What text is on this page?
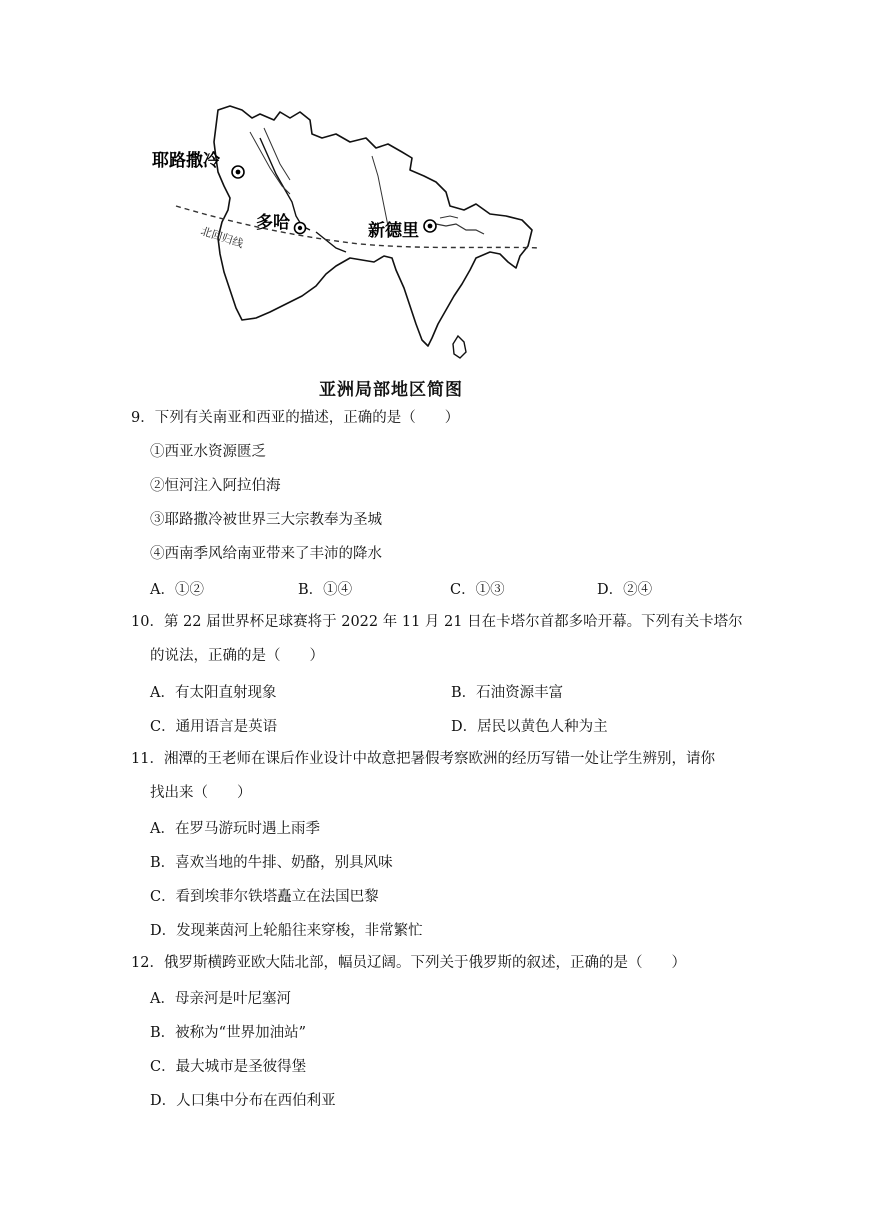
北回归线
耶路撒冷
多哈	新德里
亚洲局部地区简图
9．下列有关南亚和西亚的描述，正确的是（　　）
①西亚水资源匮乏
②恒河注入阿拉伯海
③耶路撒冷被世界三大宗教奉为圣城
④西南季风给南亚带来了丰沛的降水
A．①②	B．①④	C．①③	D．②④
10．第 22 届世界杯足球赛将于 2022 年 11 月 21 日在卡塔尔首都多哈开幕。下列有关卡塔尔
的说法，正确的是（　　）
A．有太阳直射现象	B．石油资源丰富
C．通用语言是英语	D．居民以黄色人种为主
11．湘潭的王老师在课后作业设计中故意把暑假考察欧洲的经历写错一处让学生辨别，请你
找出来（　　）
A．在罗马游玩时遇上雨季
B．喜欢当地的牛排、奶酪，别具风味
C．看到埃菲尔铁塔矗立在法国巴黎
D．发现莱茵河上轮船往来穿梭，非常繁忙
12．俄罗斯横跨亚欧大陆北部，幅员辽阔。下列关于俄罗斯的叙述，正确的是（　　）
A．母亲河是叶尼塞河
B．被称为“世界加油站”
C．最大城市是圣彼得堡
D．人口集中分布在西伯利亚
